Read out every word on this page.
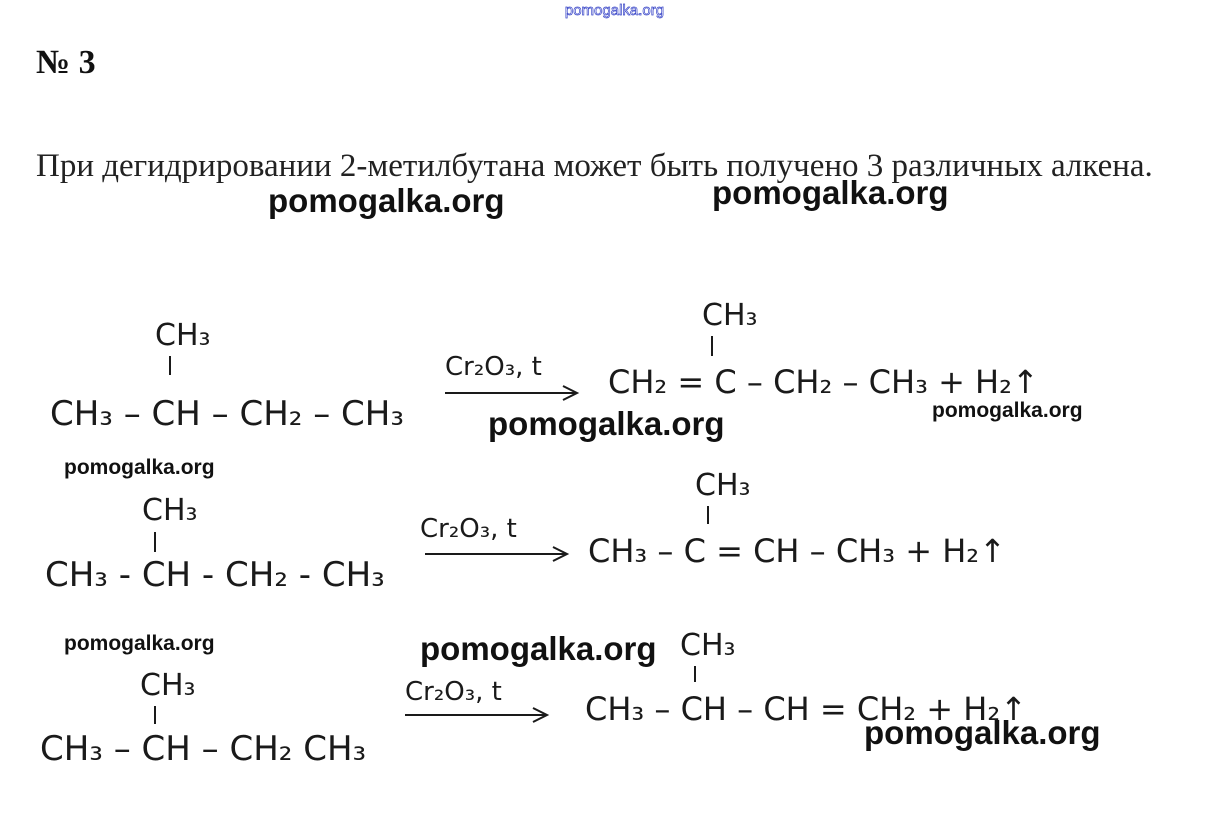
pomogalka.org
№ 3
При дегидрировании 2-метилбутана может быть получено 3 различных алкена.
CH₃
CH₃ – CH – CH₂ – CH₃
Cr₂O₃, t
CH₃
CH₂ = C – CH₂ – CH₃ + H₂↑
CH₃
CH₃ - CH - CH₂ - CH₃
Cr₂O₃, t
CH₃
CH₃ – C = CH – CH₃ + H₂↑
CH₃
CH₃ – CH – CH₂ CH₃
Cr₂O₃, t
CH₃
CH₃ – CH – CH = CH₂ + H₂↑
pomogalka.org	pomogalka.org
pomogalka.org	pomogalka.org
pomogalka.org
pomogalka.org	pomogalka.org
pomogalka.org
